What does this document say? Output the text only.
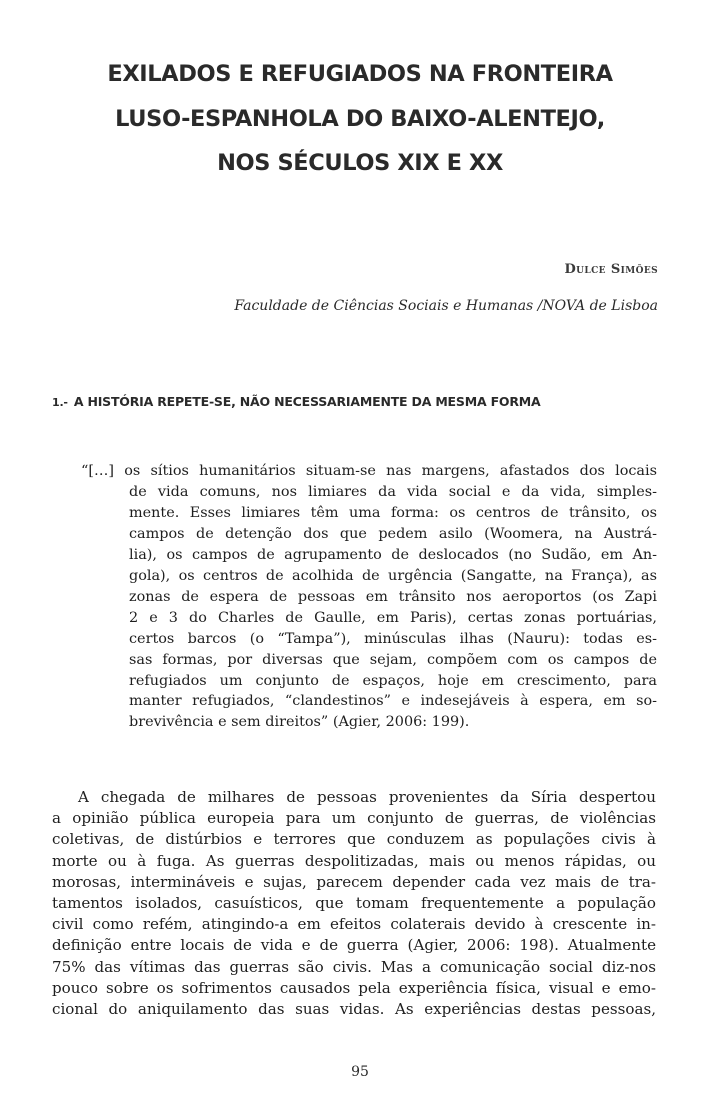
EXILADOS E REFUGIADOS NA FRONTEIRA
LUSO-ESPANHOLA DO BAIXO-ALENTEJO,
NOS SÉCULOS XIX E XX
Dulce Simões
Faculdade de Ciências Sociais e Humanas /NOVA de Lisboa
1.- A HISTÓRIA REPETE-SE, NÃO NECESSARIAMENTE DA MESMA FORMA
“[…] os sítios humanitários situam-se nas margens, afastados dos locais
de vida comuns, nos limiares da vida social e da vida, simples-
mente. Esses limiares têm uma forma: os centros de trânsito, os
campos de detenção dos que pedem asilo (Woomera, na Austrá-
lia), os campos de agrupamento de deslocados (no Sudão, em An-
gola), os centros de acolhida de urgência (Sangatte, na França), as
zonas de espera de pessoas em trânsito nos aeroportos (os Zapi
2 e 3 do Charles de Gaulle, em Paris), certas zonas portuárias,
certos barcos (o “Tampa”), minúsculas ilhas (Nauru): todas es-
sas formas, por diversas que sejam, compõem com os campos de
refugiados um conjunto de espaços, hoje em crescimento, para
manter refugiados, “clandestinos” e indesejáveis à espera, em so-
brevivência e sem direitos” (Agier, 2006: 199).
A chegada de milhares de pessoas provenientes da Síria despertou
a opinião pública europeia para um conjunto de guerras, de violências
coletivas, de distúrbios e terrores que conduzem as populações civis à
morte ou à fuga. As guerras despolitizadas, mais ou menos rápidas, ou
morosas, intermináveis e sujas, parecem depender cada vez mais de tra-
tamentos isolados, casuísticos, que tomam frequentemente a população
civil como refém, atingindo-a em efeitos colaterais devido à crescente in-
definição entre locais de vida e de guerra (Agier, 2006: 198). Atualmente
75% das vítimas das guerras são civis. Mas a comunicação social diz-nos
pouco sobre os sofrimentos causados pela experiência física, visual e emo-
cional do aniquilamento das suas vidas. As experiências destas pessoas,
95
